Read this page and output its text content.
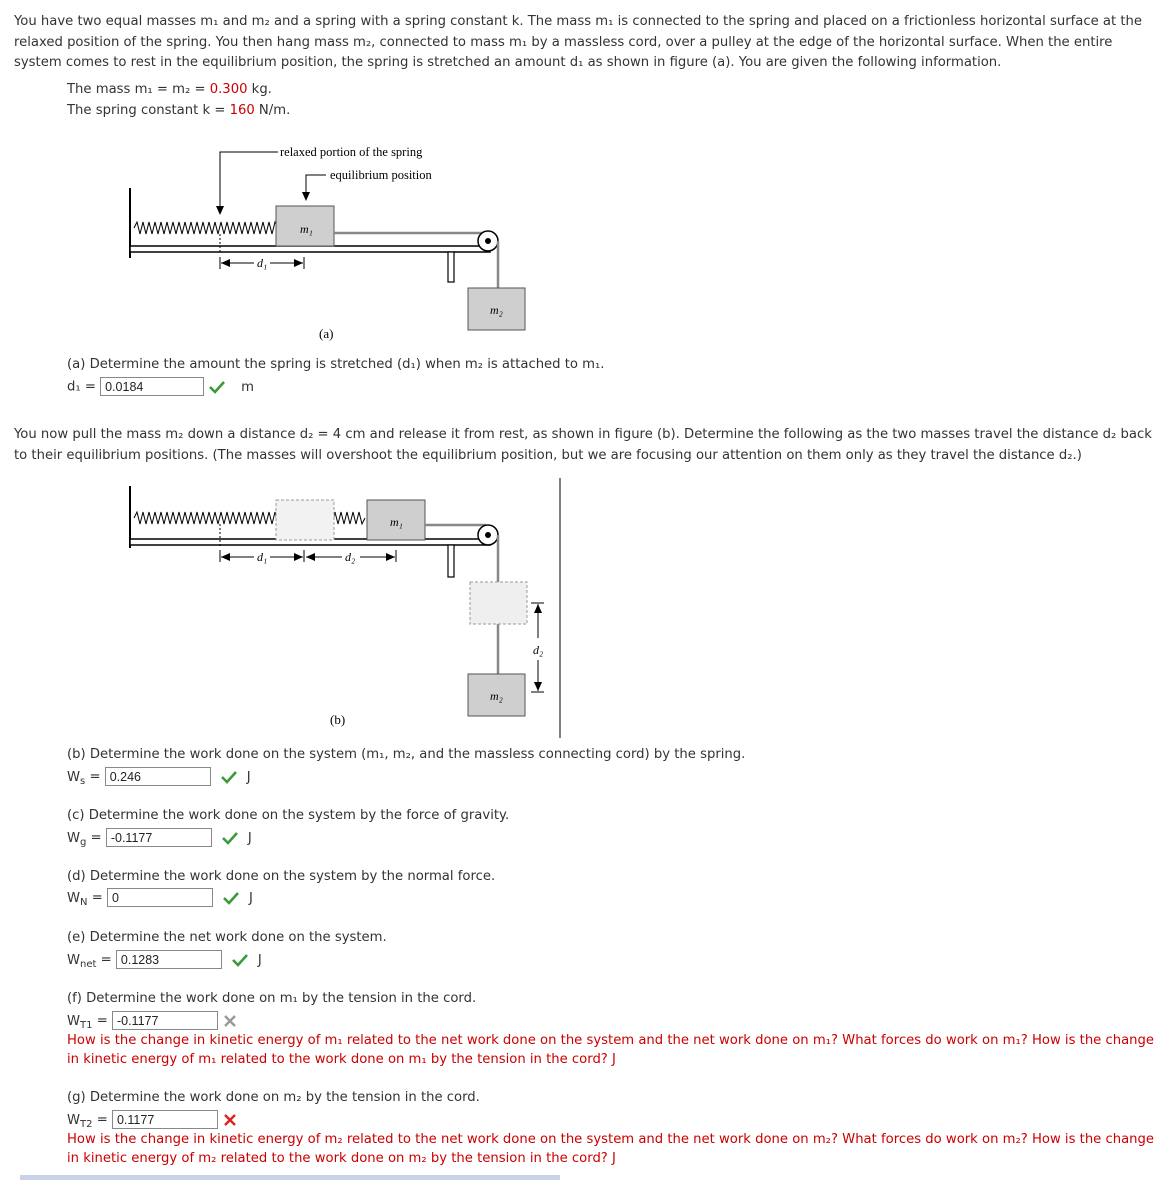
You have two equal masses m₁ and m₂ and a spring with a spring constant k. The mass m₁ is connected to the spring and placed on a frictionless horizontal surface at the relaxed position of the spring. You then hang mass m₂, connected to mass m₁ by a massless cord, over a pulley at the edge of the horizontal surface. When the entire system comes to rest in the equilibrium position, the spring is stretched an amount d₁ as shown in figure (a). You are given the following information.
The mass m₁ = m₂ = 0.300 kg.
The spring constant k = 160 N/m.
m₁
m₂
relaxed portion of the spring
equilibrium position
d₁
(a)
(a) Determine the amount the spring is stretched (d₁) when m₂ is attached to m₁.
d₁ = 0.0184	m
You now pull the mass m₂ down a distance d₂ = 4 cm and release it from rest, as shown in figure (b). Determine the following as the two masses travel the distance d₂ back to their equilibrium positions. (The masses will overshoot the equilibrium position, but we are focusing our attention on them only as they travel the distance d₂.)
m₁
m₂
d₂
d₁	d₂
(b)
(b) Determine the work done on the system (m₁, m₂, and the massless connecting cord) by the spring.
$W_s = 0.246$	J
(c) Determine the work done on the system by the force of gravity.
$W_g = -0.1177$	J
(d) Determine the work done on the system by the normal force.
$W_N = 0$	J
(e) Determine the net work done on the system.
$W_{net} = 0.1283$	J
(f) Determine the work done on m₁ by the tension in the cord.
$W_{T1} = -0.1177$
How is the change in kinetic energy of m₁ related to the net work done on the system and the net work done on m₁? What forces do work on m₁? How is the change in kinetic energy of m₁ related to the work done on m₁ by the tension in the cord? J
(g) Determine the work done on m₂ by the tension in the cord.
$W_{T2} = 0.1177$
How is the change in kinetic energy of m₂ related to the net work done on the system and the net work done on m₂? What forces do work on m₂? How is the change in kinetic energy of m₂ related to the work done on m₂ by the tension in the cord? J
